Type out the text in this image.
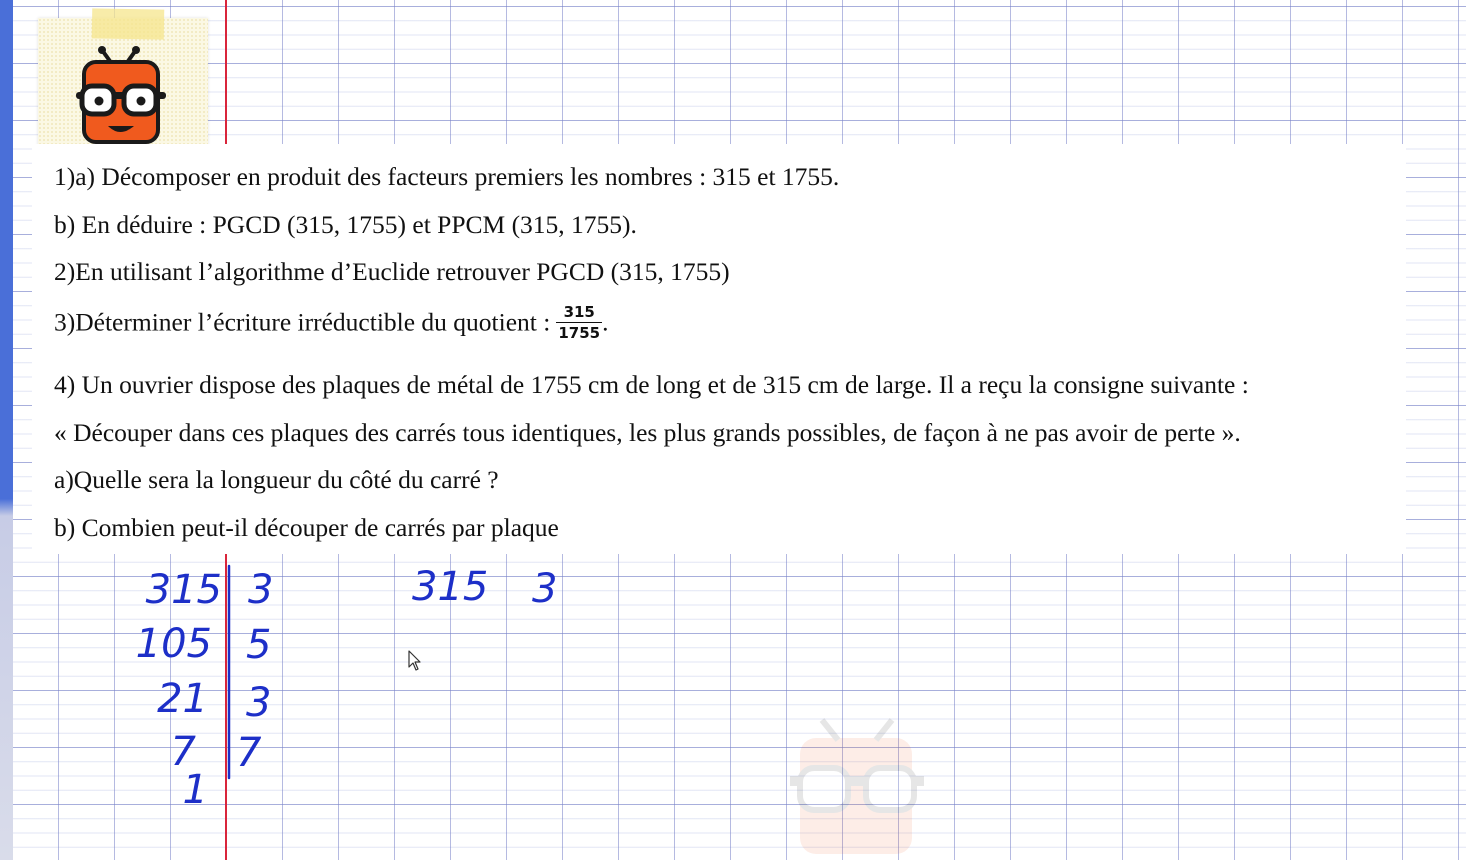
1)a) Décomposer en produit des facteurs premiers les nombres : 315 et 1755.

b) En déduire : PGCD (315, 1755) et PPCM (315, 1755).

2)En utilisant l’algorithme d’Euclide retrouver PGCD (315, 1755)

3)Déterminer l’écriture irréductible du quotient : $\frac{315}{1755}$ .

4) Un ouvrier dispose des plaques de métal de 1755 cm de long et de 315 cm de large. Il a reçu la consigne suivante :

« Découper dans ces plaques des carrés tous identiques, les plus grands possibles, de façon à ne pas avoir de perte ».

a)Quelle sera la longueur du côté du carré ?

b) Combien peut-il découper de carrés par plaque

315
105
21
7
1
3
5
3
7
315 3
